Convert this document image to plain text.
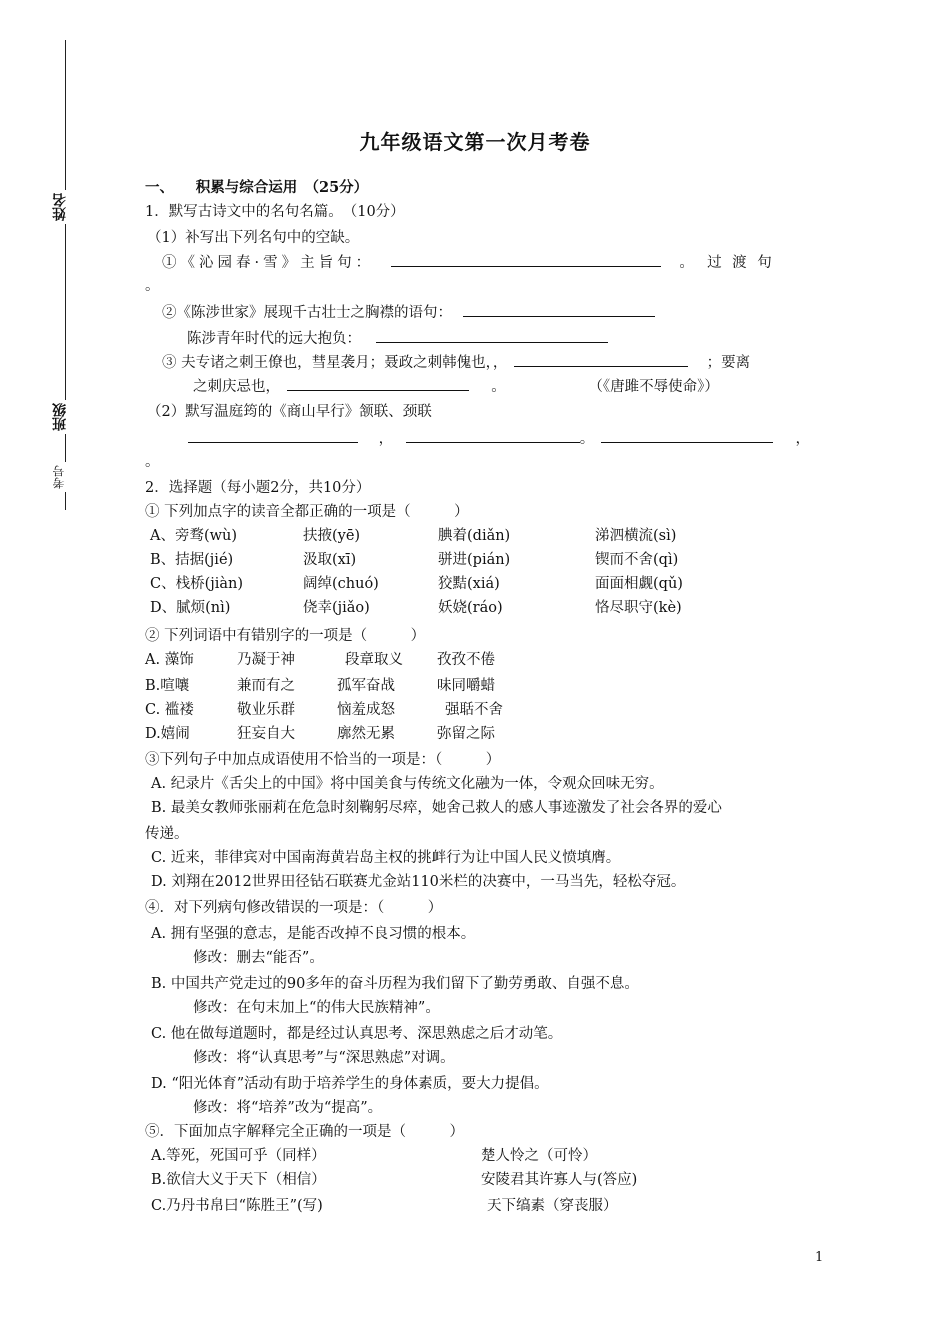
姓名
班级
考号
九年级语文第一次月考卷
一、　　积累与综合运用　（25分）
1．默写古诗文中的名句名篇。　（10分）
（1）补写出下列名句中的空缺。
①《沁园春·雪》主旨句：	。　过 渡 句
。
②《陈涉世家》展现千古壮士之胸襟的语句：
陈涉青年时代的远大抱负：
③ 夫专诸之刺王僚也，彗星袭月；聂政之刺韩傀也，，	；要离
之刺庆忌也，	。	（《唐雎不辱使命》）
（2）默写温庭筠的《商山早行》颔联、颈联
，	。	，
。
2．选择题（每小题2分，共10分）
① 下列加点字的读音全都正确的一项是（　　　）
A、旁骛(wù)	扶掖(yē)	腆着(diǎn)	涕泗横流(sì)
B、拮据(jié)	汲取(xī)	骈进(pián)	锲而不舍(qì)
C、栈桥(jiàn)	阔绰(chuó)	狡黠(xiá)	面面相觑(qǔ)
D、腻烦(nì)	侥幸(jiǎo)	妖娆(ráo)	恪尽职守(kè)
② 下列词语中有错别字的一项是（　　　）
A. 藻饰	乃凝于神	段章取义 孜孜不倦
B.喧嚷	兼而有之	孤军奋战	味同嚼蜡
C. 褴褛	敬业乐群	恼羞成怒	强聒不舍
D.嬉闹	狂妄自大	廓然无累	弥留之际
③下列句子中加点成语使用不恰当的一项是：（　　　）
A. 纪录片《舌尖上的中国》将中国美食与传统文化融为一体，令观众回味无穷。
B. 最美女教师张丽莉在危急时刻鞠躬尽瘁，她舍己救人的感人事迹激发了社会各界的爱心
传递。
C. 近来，菲律宾对中国南海黄岩岛主权的挑衅行为让中国人民义愤填膺。
D. 刘翔在2012世界田径钻石联赛尤金站110米栏的决赛中，一马当先，轻松夺冠。
④．对下列病句修改错误的一项是：（　　　）
A. 拥有坚强的意志，是能否改掉不良习惯的根本。
修改：删去“能否”。
B. 中国共产党走过的90多年的奋斗历程为我们留下了勤劳勇敢、自强不息。
修改：在句末加上“的伟大民族精神”。
C. 他在做每道题时，都是经过认真思考、深思熟虑之后才动笔。
修改：将“认真思考”与“深思熟虑”对调。
D. “阳光体育”活动有助于培养学生的身体素质，要大力提倡。
修改：将“培养”改为“提高”。
⑤．下面加点字解释完全正确的一项是（　　　）
A.等死，死国可乎（同样）	楚人怜之（可怜）
B.欲信大义于天下（相信）	安陵君其许寡人与(答应)
C.乃丹书帛曰“陈胜王”(写)	天下缟素（穿丧服）
1
